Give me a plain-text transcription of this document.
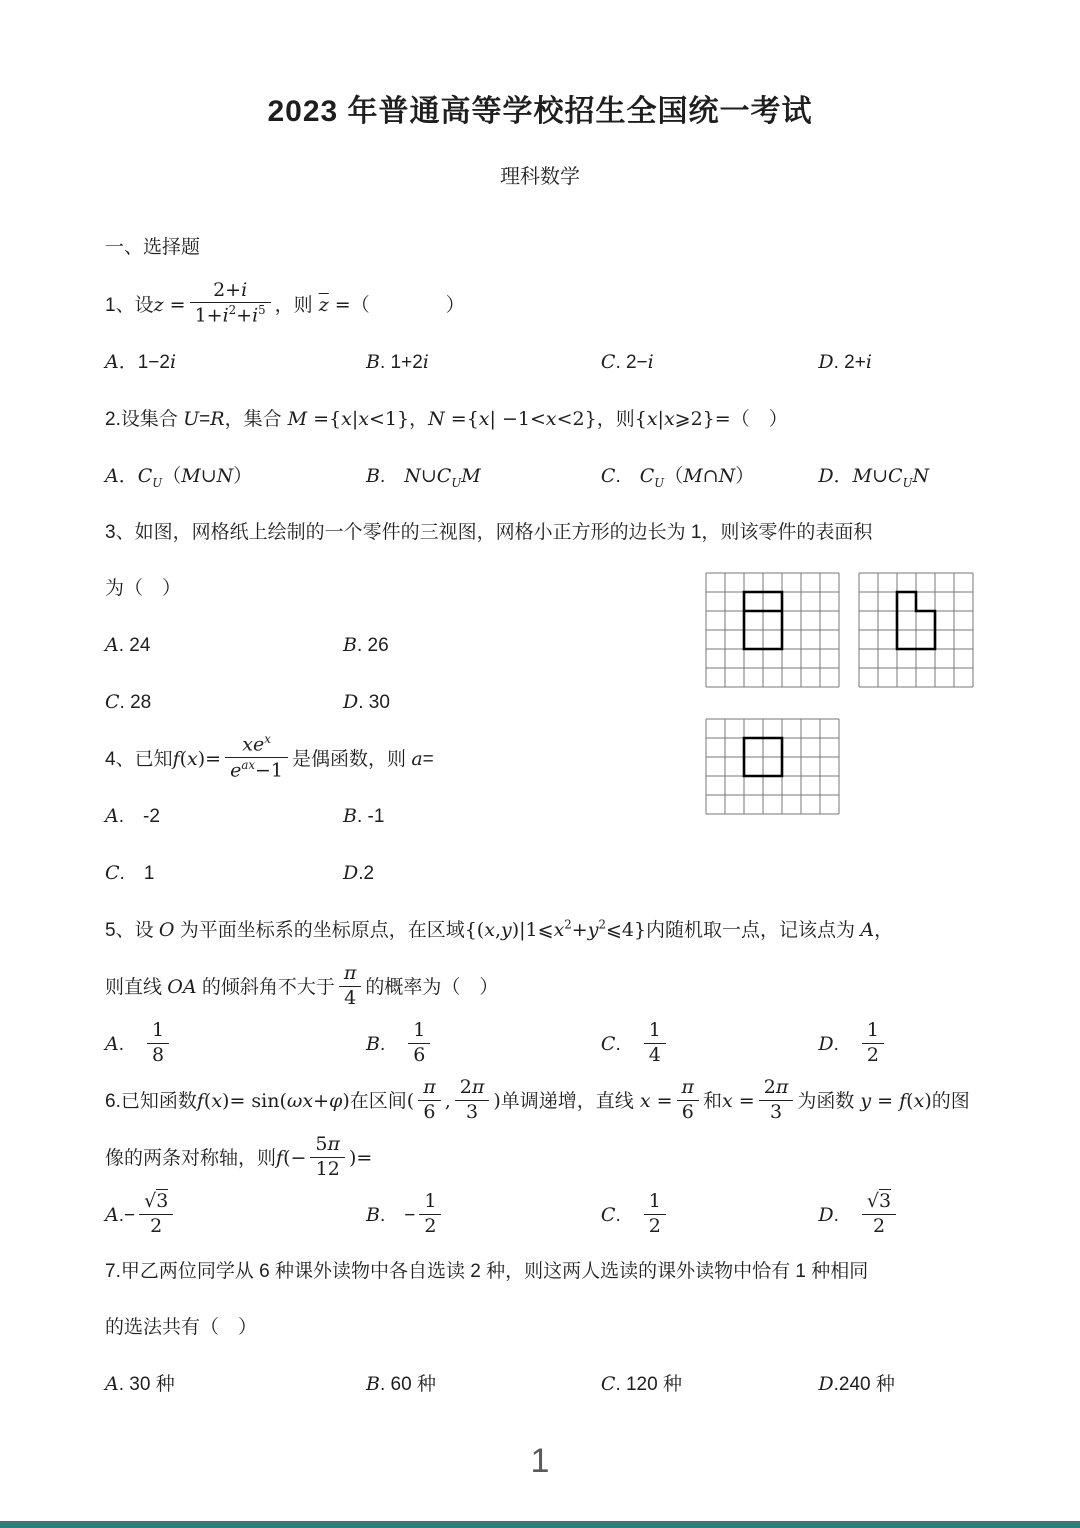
2023 年普通高等学校招生全国统一考试
理科数学
一、选择题
1、设$z = \frac{2+i}{1+i^2+i^5}$ ，则 $\overline{z}$ =（　　　　）
A．1−2i	B. 1+2i	C. 2−i	D. 2+i
2.设集合 U=R，集合 M ={x|x<1}，N ={x| −1<x<2}，则{x|x⩾2}=（　）
A．$C_U(M\cup N)$	B.　$N\cup C_UM$	C.　$C_U(M\cap N)$	D．$M\cup C_UN$
3、如图，网格纸上绘制的一个零件的三视图，网格小正方形的边长为 1，则该零件的表面积
为（　）
A. 24	B. 26
C. 28	D. 30
4、已知$f(x)= \frac{xe^x}{e^{ax}-1}$ 是偶函数，则 a=
A.　-2	B. -1
C.　1	D.2
5、设 O 为平面坐标系的坐标原点，在区域$\{(x,y)|1⩽x^2+y^2⩽4\}$内随机取一点，记该点为 A，
则直线 OA 的倾斜角不大于 $\frac{\pi}{4}$ 的概率为（　）
A.　 $\frac{1}{8}$	B.　 $\frac{1}{6}$	C.　 $\frac{1}{4}$	D.　 $\frac{1}{2}$
6.已知函数f(x)= sin(ωx+φ)在区间( $\frac{\pi}{6}$ , $\frac{2\pi}{3}$ )单调递增，直线 $x = \frac{\pi}{6}$ 和$x = \frac{2\pi}{3}$ 为函数 y = f(x)的图
像的两条对称轴，则$f(- \frac{5\pi}{12}$ )=
$A.- \frac{√3}{2}$	B.　− $\frac{1}{2}$	C.　 $\frac{1}{2}$	D.　 $\frac{√3}{2}$
7.甲乙两位同学从 6 种课外读物中各自选读 2 种，则这两人选读的课外读物中恰有 1 种相同
的选法共有（　）
A. 30 种	B. 60 种	C. 120 种	D.240 种
1
